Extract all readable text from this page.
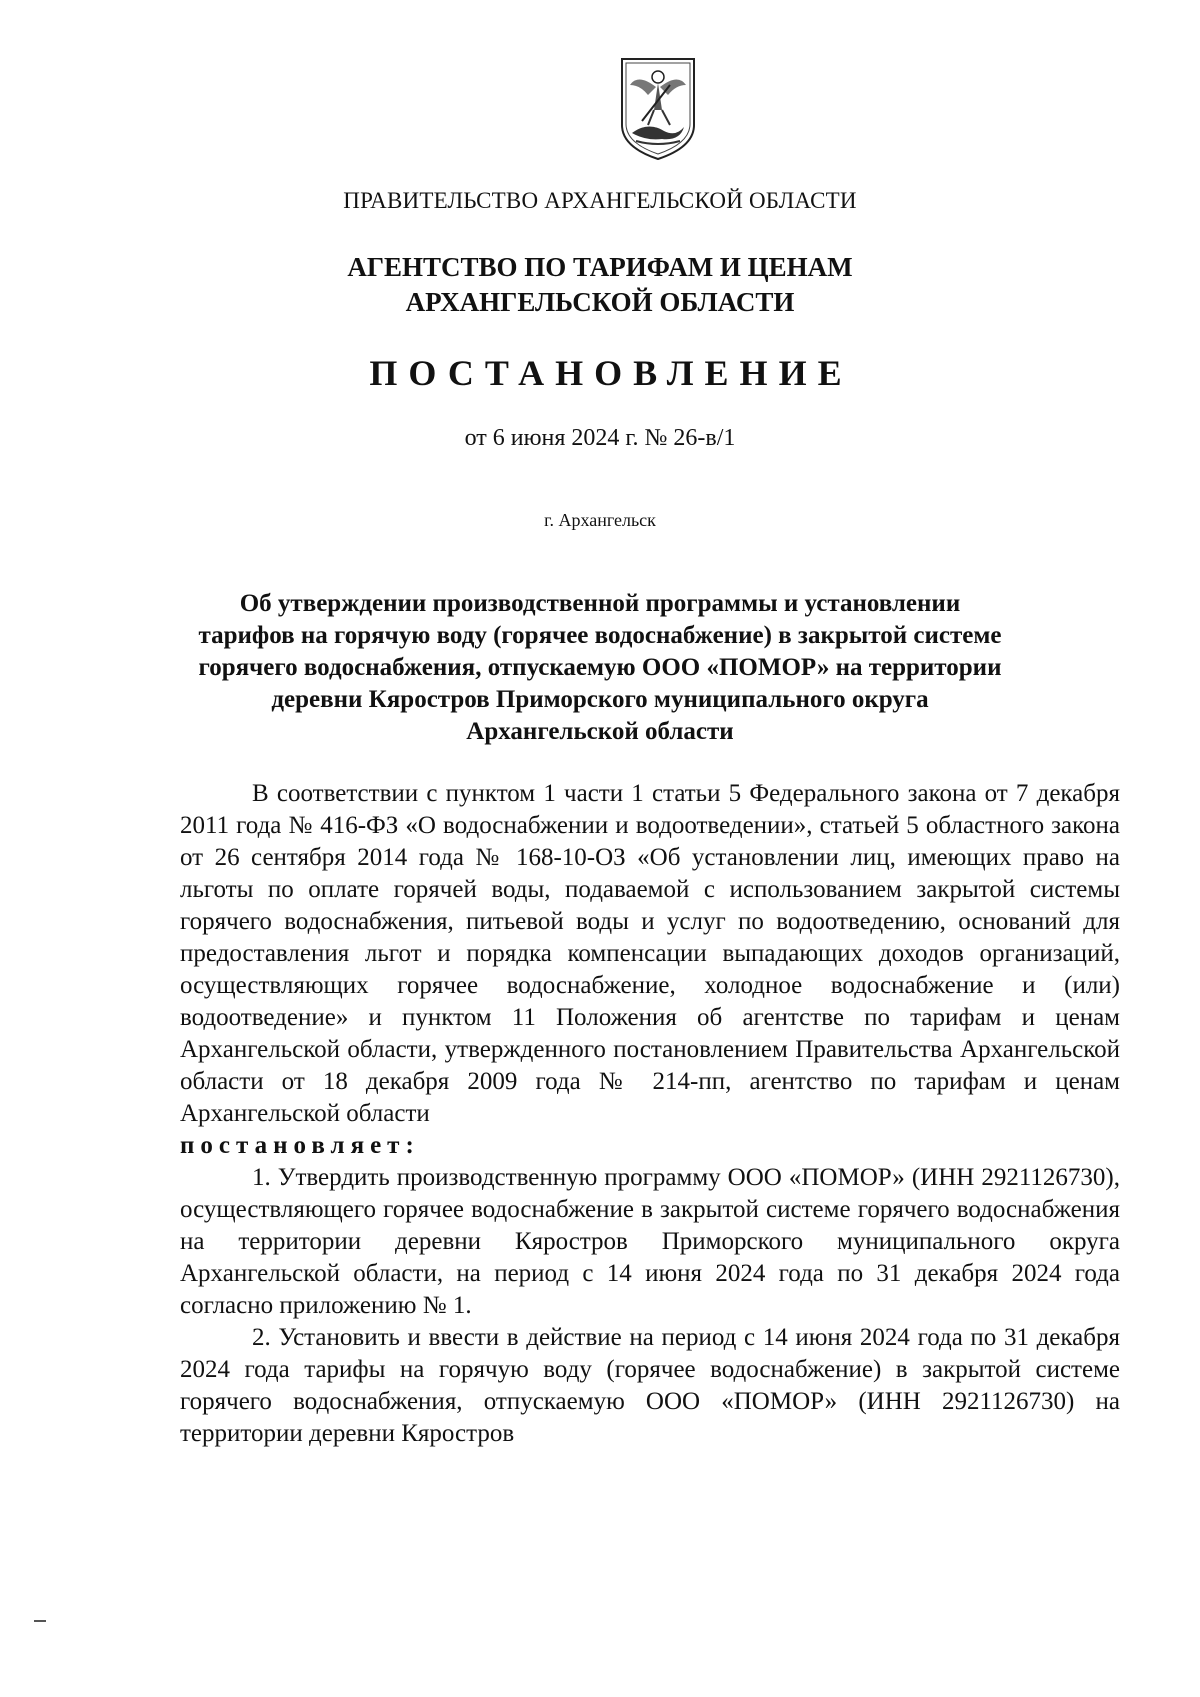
ПРАВИТЕЛЬСТВО АРХАНГЕЛЬСКОЙ ОБЛАСТИ
АГЕНТСТВО ПО ТАРИФАМ И ЦЕНАМ
АРХАНГЕЛЬСКОЙ ОБЛАСТИ
ПОСТАНОВЛЕНИЕ
от 6 июня 2024 г. № 26-в/1
г. Архангельск
Об утверждении производственной программы и установлении
тарифов на горячую воду (горячее водоснабжение) в закрытой системе
горячего водоснабжения, отпускаемую ООО «ПОМОР» на территории
деревни Кяростров Приморского муниципального округа
Архангельской области

В соответствии с пунктом 1 части 1 статьи 5 Федерального закона от 7 декабря 2011 года № 416-ФЗ «О водоснабжении и водоотведении», статьей 5 областного закона от 26 сентября 2014 года № 168-10-ОЗ «Об установлении лиц, имеющих право на льготы по оплате горячей воды, подаваемой с использованием закрытой системы горячего водоснабжения, питьевой воды и услуг по водоотведению, оснований для предоставления льгот и порядка компенсации выпадающих доходов организаций, осуществляющих горячее водоснабжение, холодное водоснабжение и (или) водоотведение» и пунктом 11 Положения об агентстве по тарифам и ценам Архангельской области, утвержденного постановлением Правительства Архангельской области от 18 декабря 2009 года № 214-пп, агентство по тарифам и ценам Архангельской области

постановляет:

1. Утвердить производственную программу ООО «ПОМОР» (ИНН 2921126730), осуществляющего горячее водоснабжение в закрытой системе горячего водоснабжения на территории деревни Кяростров Приморского муниципального округа Архангельской области, на период с 14 июня 2024 года по 31 декабря 2024 года согласно приложению № 1.

2. Установить и ввести в действие на период с 14 июня 2024 года по 31 декабря 2024 года тарифы на горячую воду (горячее водоснабжение) в закрытой системе горячего водоснабжения, отпускаемую ООО «ПОМОР» (ИНН 2921126730) на территории деревни Кяростров
